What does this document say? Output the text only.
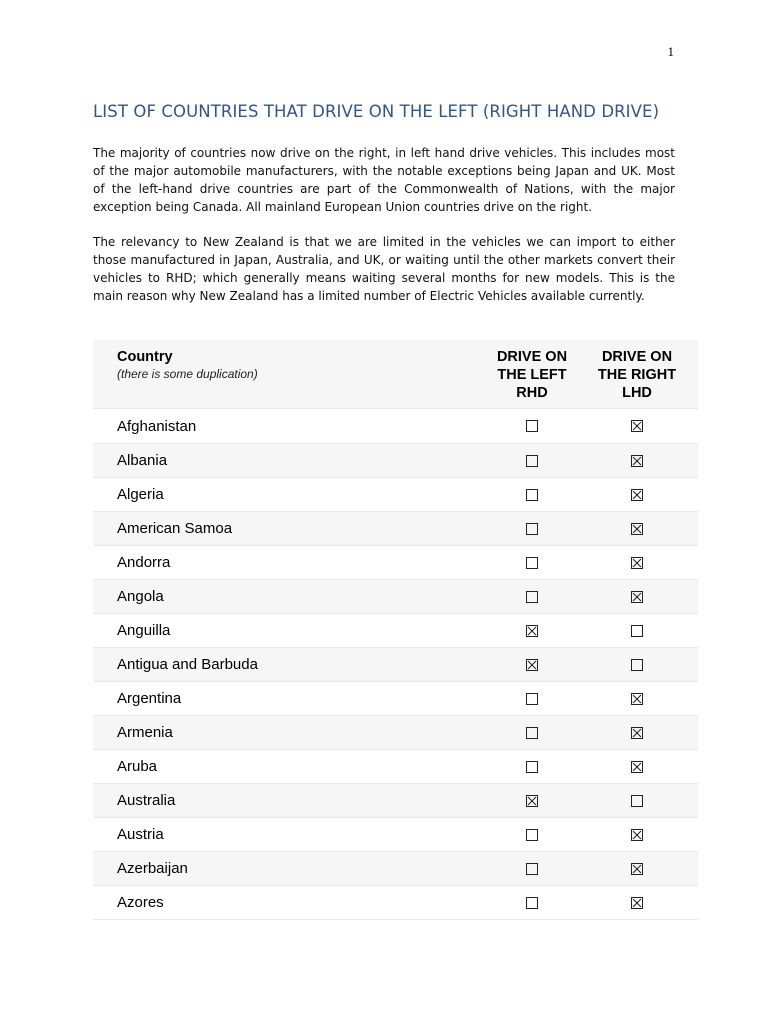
1
LIST OF COUNTRIES THAT DRIVE ON THE LEFT (RIGHT HAND DRIVE)

The majority of countries now drive on the right, in left hand drive vehicles. This includes most of the major automobile manufacturers, with the notable exceptions being Japan and UK. Most of the left-hand drive countries are part of the Commonwealth of Nations, with the major exception being Canada. All mainland European Union countries drive on the right.

The relevancy to New Zealand is that we are limited in the vehicles we can import to either those manufactured in Japan, Australia, and UK, or waiting until the other markets convert their vehicles to RHD; which generally means waiting several months for new models. This is the main reason why New Zealand has a limited number of Electric Vehicles available currently.

Country
(there is some duplication)
DRIVE ON
THE LEFT
RHD
DRIVE ON
THE RIGHT
LHD
Afghanistan
Albania
Algeria
American Samoa
Andorra
Angola
Anguilla
Antigua and Barbuda
Argentina
Armenia
Aruba
Australia
Austria
Azerbaijan
Azores
